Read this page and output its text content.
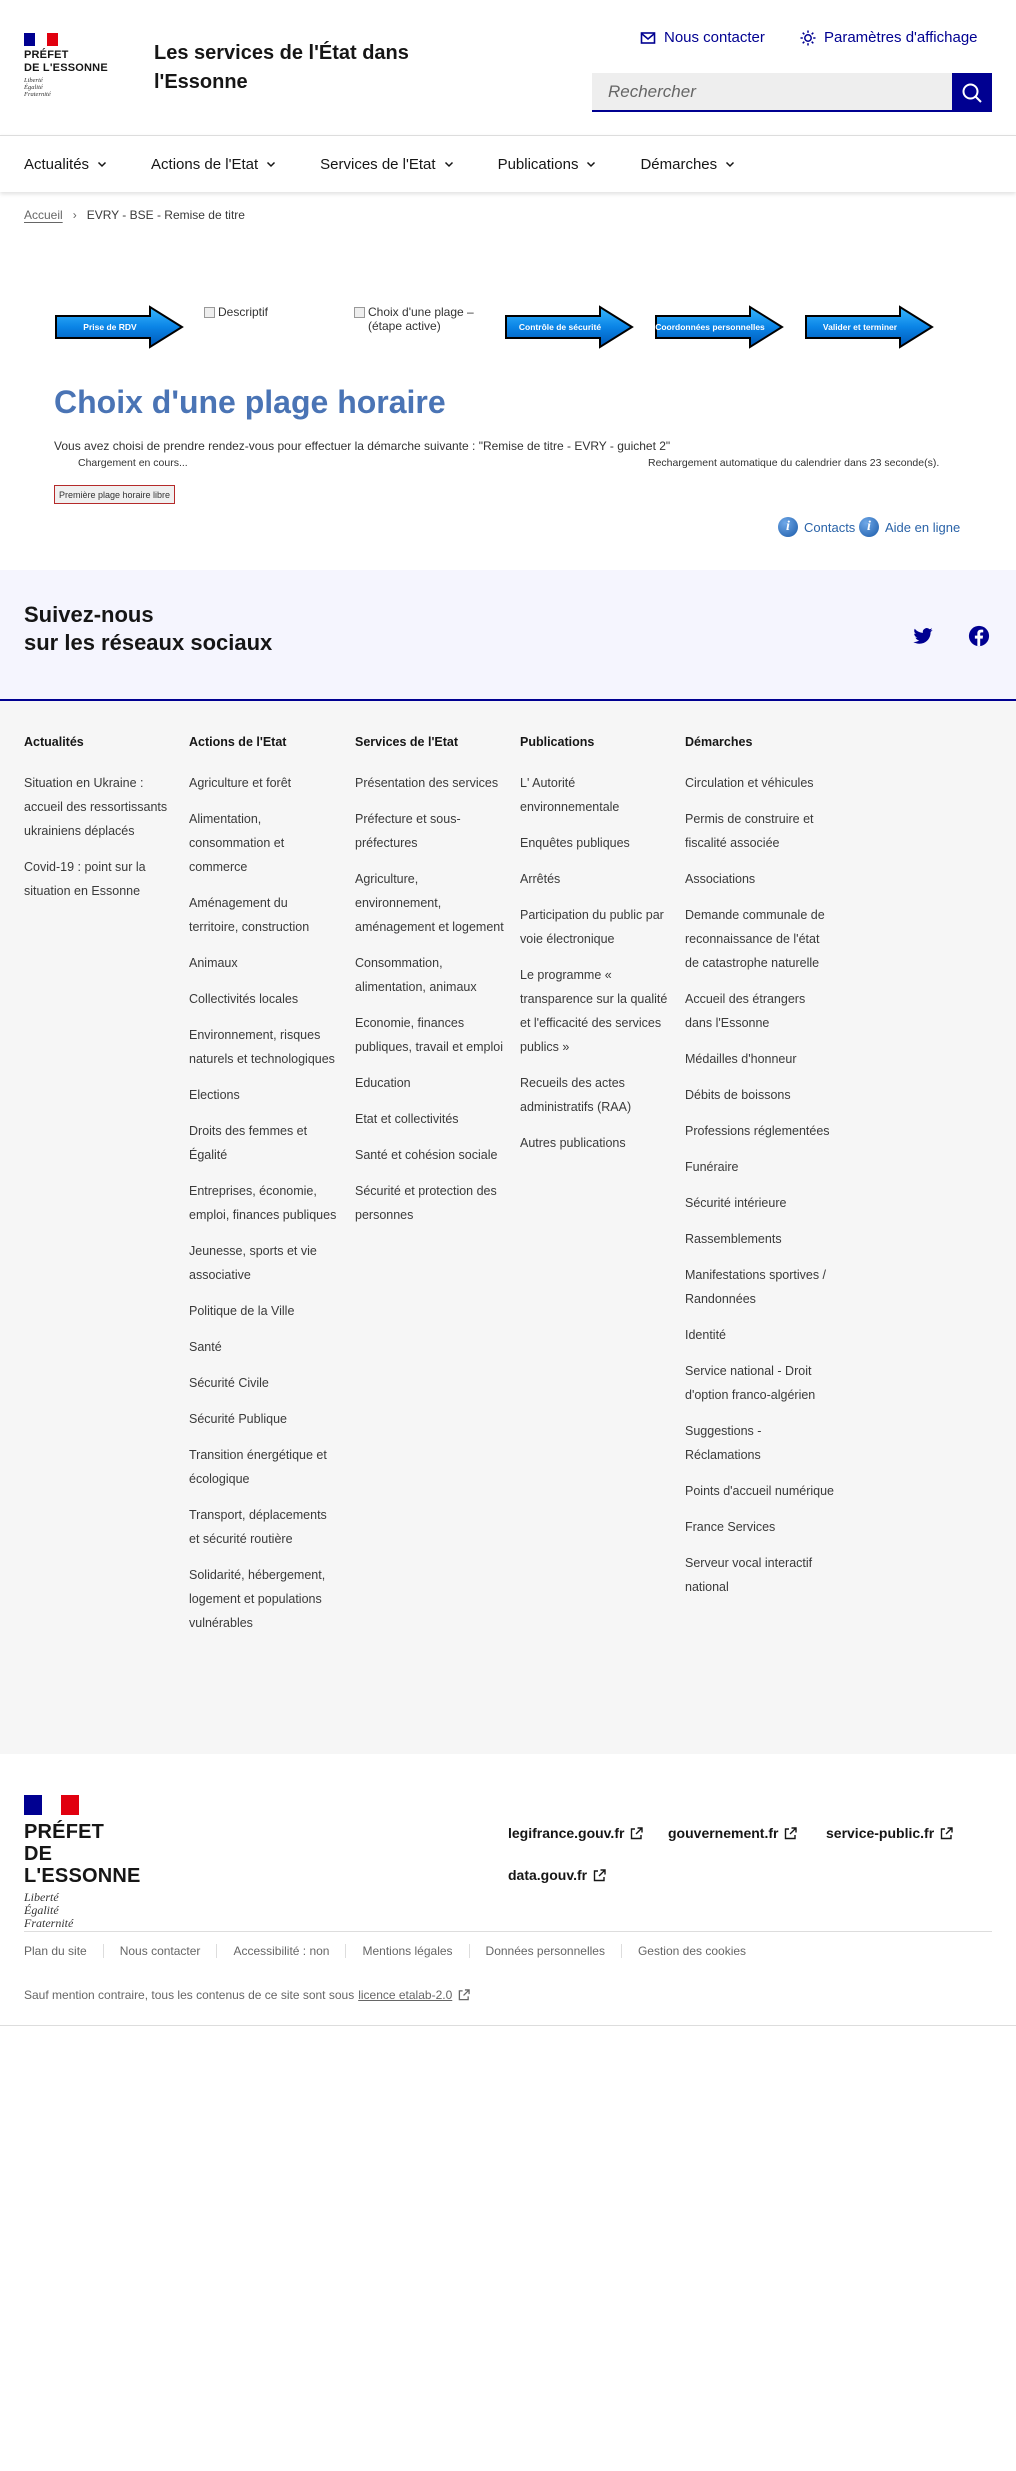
PRÉFET
DE L'ESSONNE
Liberté
Égalité
Fraternité
Les services de l'État dans l'Essonne
Nous contacter	Paramètres d'affichage
Rechercher
Actualités	Actions de l'Etat	Services de l'Etat	Publications	Démarches
Accueil › EVRY - BSE - Remise de titre
Prise de RDV
Descriptif	Choix d'une plage – (étape active)	Contrôle de sécurité	Coordonnées personnelles	Valider et terminer
Choix d'une plage horaire
Vous avez choisi de prendre rendez-vous pour effectuer la démarche suivante : "Remise de titre - EVRY - guichet 2"
Chargement en cours...	Rechargement automatique du calendrier dans 23 seconde(s).
Première plage horaire libre
i	Contacts i	Aide en ligne
Suivez-nous
sur les réseaux sociaux
Actualités
Situation en Ukraine : accueil des ressortissants ukrainiens déplacés
Covid-19 : point sur la situation en Essonne
Actions de l'Etat
Agriculture et forêt
Alimentation, consommation et commerce
Aménagement du territoire, construction
Animaux
Collectivités locales
Environnement, risques naturels et technologiques
Elections
Droits des femmes et Égalité
Entreprises, économie, emploi, finances publiques
Jeunesse, sports et vie associative
Politique de la Ville
Santé
Sécurité Civile
Sécurité Publique
Transition énergétique et écologique
Transport, déplacements et sécurité routière
Solidarité, hébergement, logement et populations vulnérables
Services de l'Etat
Présentation des services
Préfecture et sous-préfectures
Agriculture, environnement, aménagement et logement
Consommation, alimentation, animaux
Economie, finances publiques, travail et emploi
Education
Etat et collectivités
Santé et cohésion sociale
Sécurité et protection des personnes
Publications
L' Autorité environnementale
Enquêtes publiques
Arrêtés
Participation du public par voie électronique
Le programme « transparence sur la qualité et l'efficacité des services publics »
Recueils des actes administratifs (RAA)
Autres publications
Démarches
Circulation et véhicules
Permis de construire et fiscalité associée
Associations
Demande communale de reconnaissance de l'état de catastrophe naturelle
Accueil des étrangers dans l'Essonne
Médailles d'honneur
Débits de boissons
Professions réglementées
Funéraire
Sécurité intérieure
Rassemblements
Manifestations sportives / Randonnées
Identité
Service national - Droit d'option franco-algérien
Suggestions - Réclamations
Points d'accueil numérique
France Services
Serveur vocal interactif national
PRÉFET
DE L'ESSONNE
Liberté
Égalité
Fraternité
legifrance.gouv.fr	gouvernement.fr	service-public.fr
data.gouv.fr
Plan du site	Nous contacter	Accessibilité : non	Mentions légales	Données personnelles	Gestion des cookies
Sauf mention contraire, tous les contenus de ce site sont sous licence etalab-2.0
